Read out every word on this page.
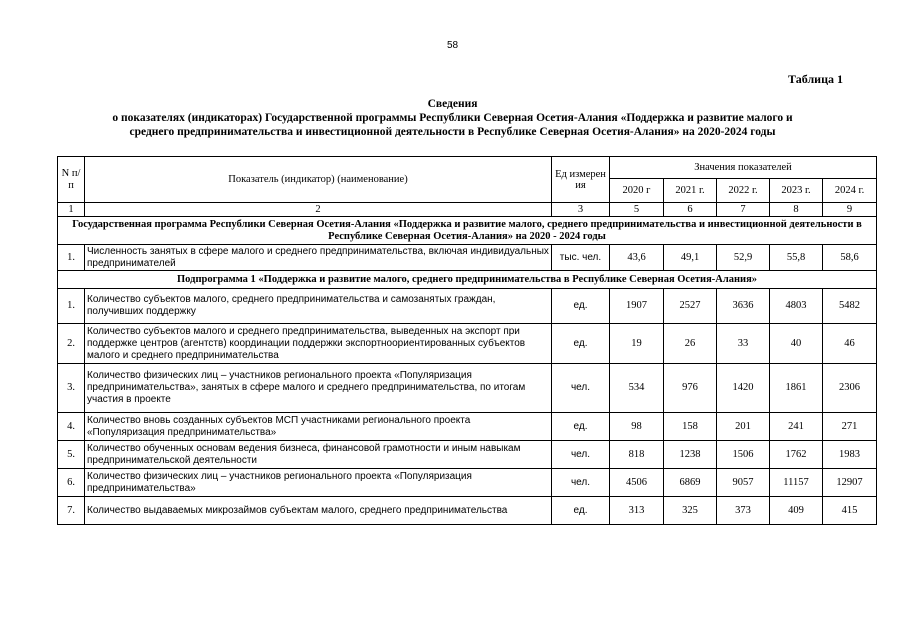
58
Таблица 1
Сведения
о показателях (индикаторах) Государственной программы Республики Северная Осетия-Алания «Поддержка и развитие малого и
среднего предпринимательства и инвестиционной деятельности в Республике Северная Осетия-Алания» на 2020-2024 годы
N п/п	Показатель (индикатор) (наименование)	Ед измерен ия	Значения показателей				
			2020 г	2021 г.	2022 г.	2023 г.	2024 г.
1	2	3	5	6	7	8	9
Государственная программа Республики Северная Осетия-Алания «Поддержка и развитие малого, среднего предпринимательства и инвестиционной деятельности в Республике Северная Осетия-Алания» на 2020 - 2024 годы							
1.	Численность занятых в сфере малого и среднего предпринимательства, включая индивидуальных предпринимателей	тыс. чел.	43,6	49,1	52,9	55,8	58,6
Подпрограмма 1 «Поддержка и развитие малого, среднего предпринимательства в Республике Северная Осетия-Алания»							
1.	Количество субъектов малого, среднего предпринимательства и самозанятых граждан, получивших поддержку	ед.	1907	2527	3636	4803	5482
2.	Количество субъектов малого и среднего предпринимательства, выведенных на экспорт при поддержке центров (агентств) координации поддержки экспортноориентированных субъектов малого и среднего предпринимательства	ед.	19	26	33	40	46
3.	Количество физических лиц – участников регионального проекта «Популяризация предпринимательства», занятых в сфере малого и среднего предпринимательства, по итогам участия в проекте	чел.	534	976	1420	1861	2306
4.	Количество вновь созданных субъектов МСП участниками регионального проекта «Популяризация предпринимательства»	ед.	98	158	201	241	271
5.	Количество обученных основам ведения бизнеса, финансовой грамотности и иным навыкам предпринимательской деятельности	чел.	818	1238	1506	1762	1983
6.	Количество физических лиц – участников регионального проекта «Популяризация предпринимательства»	чел.	4506	6869	9057	11157	12907
7.	Количество выдаваемых микрозаймов субъектам малого, среднего предпринимательства	ед.	313	325	373	409	415
